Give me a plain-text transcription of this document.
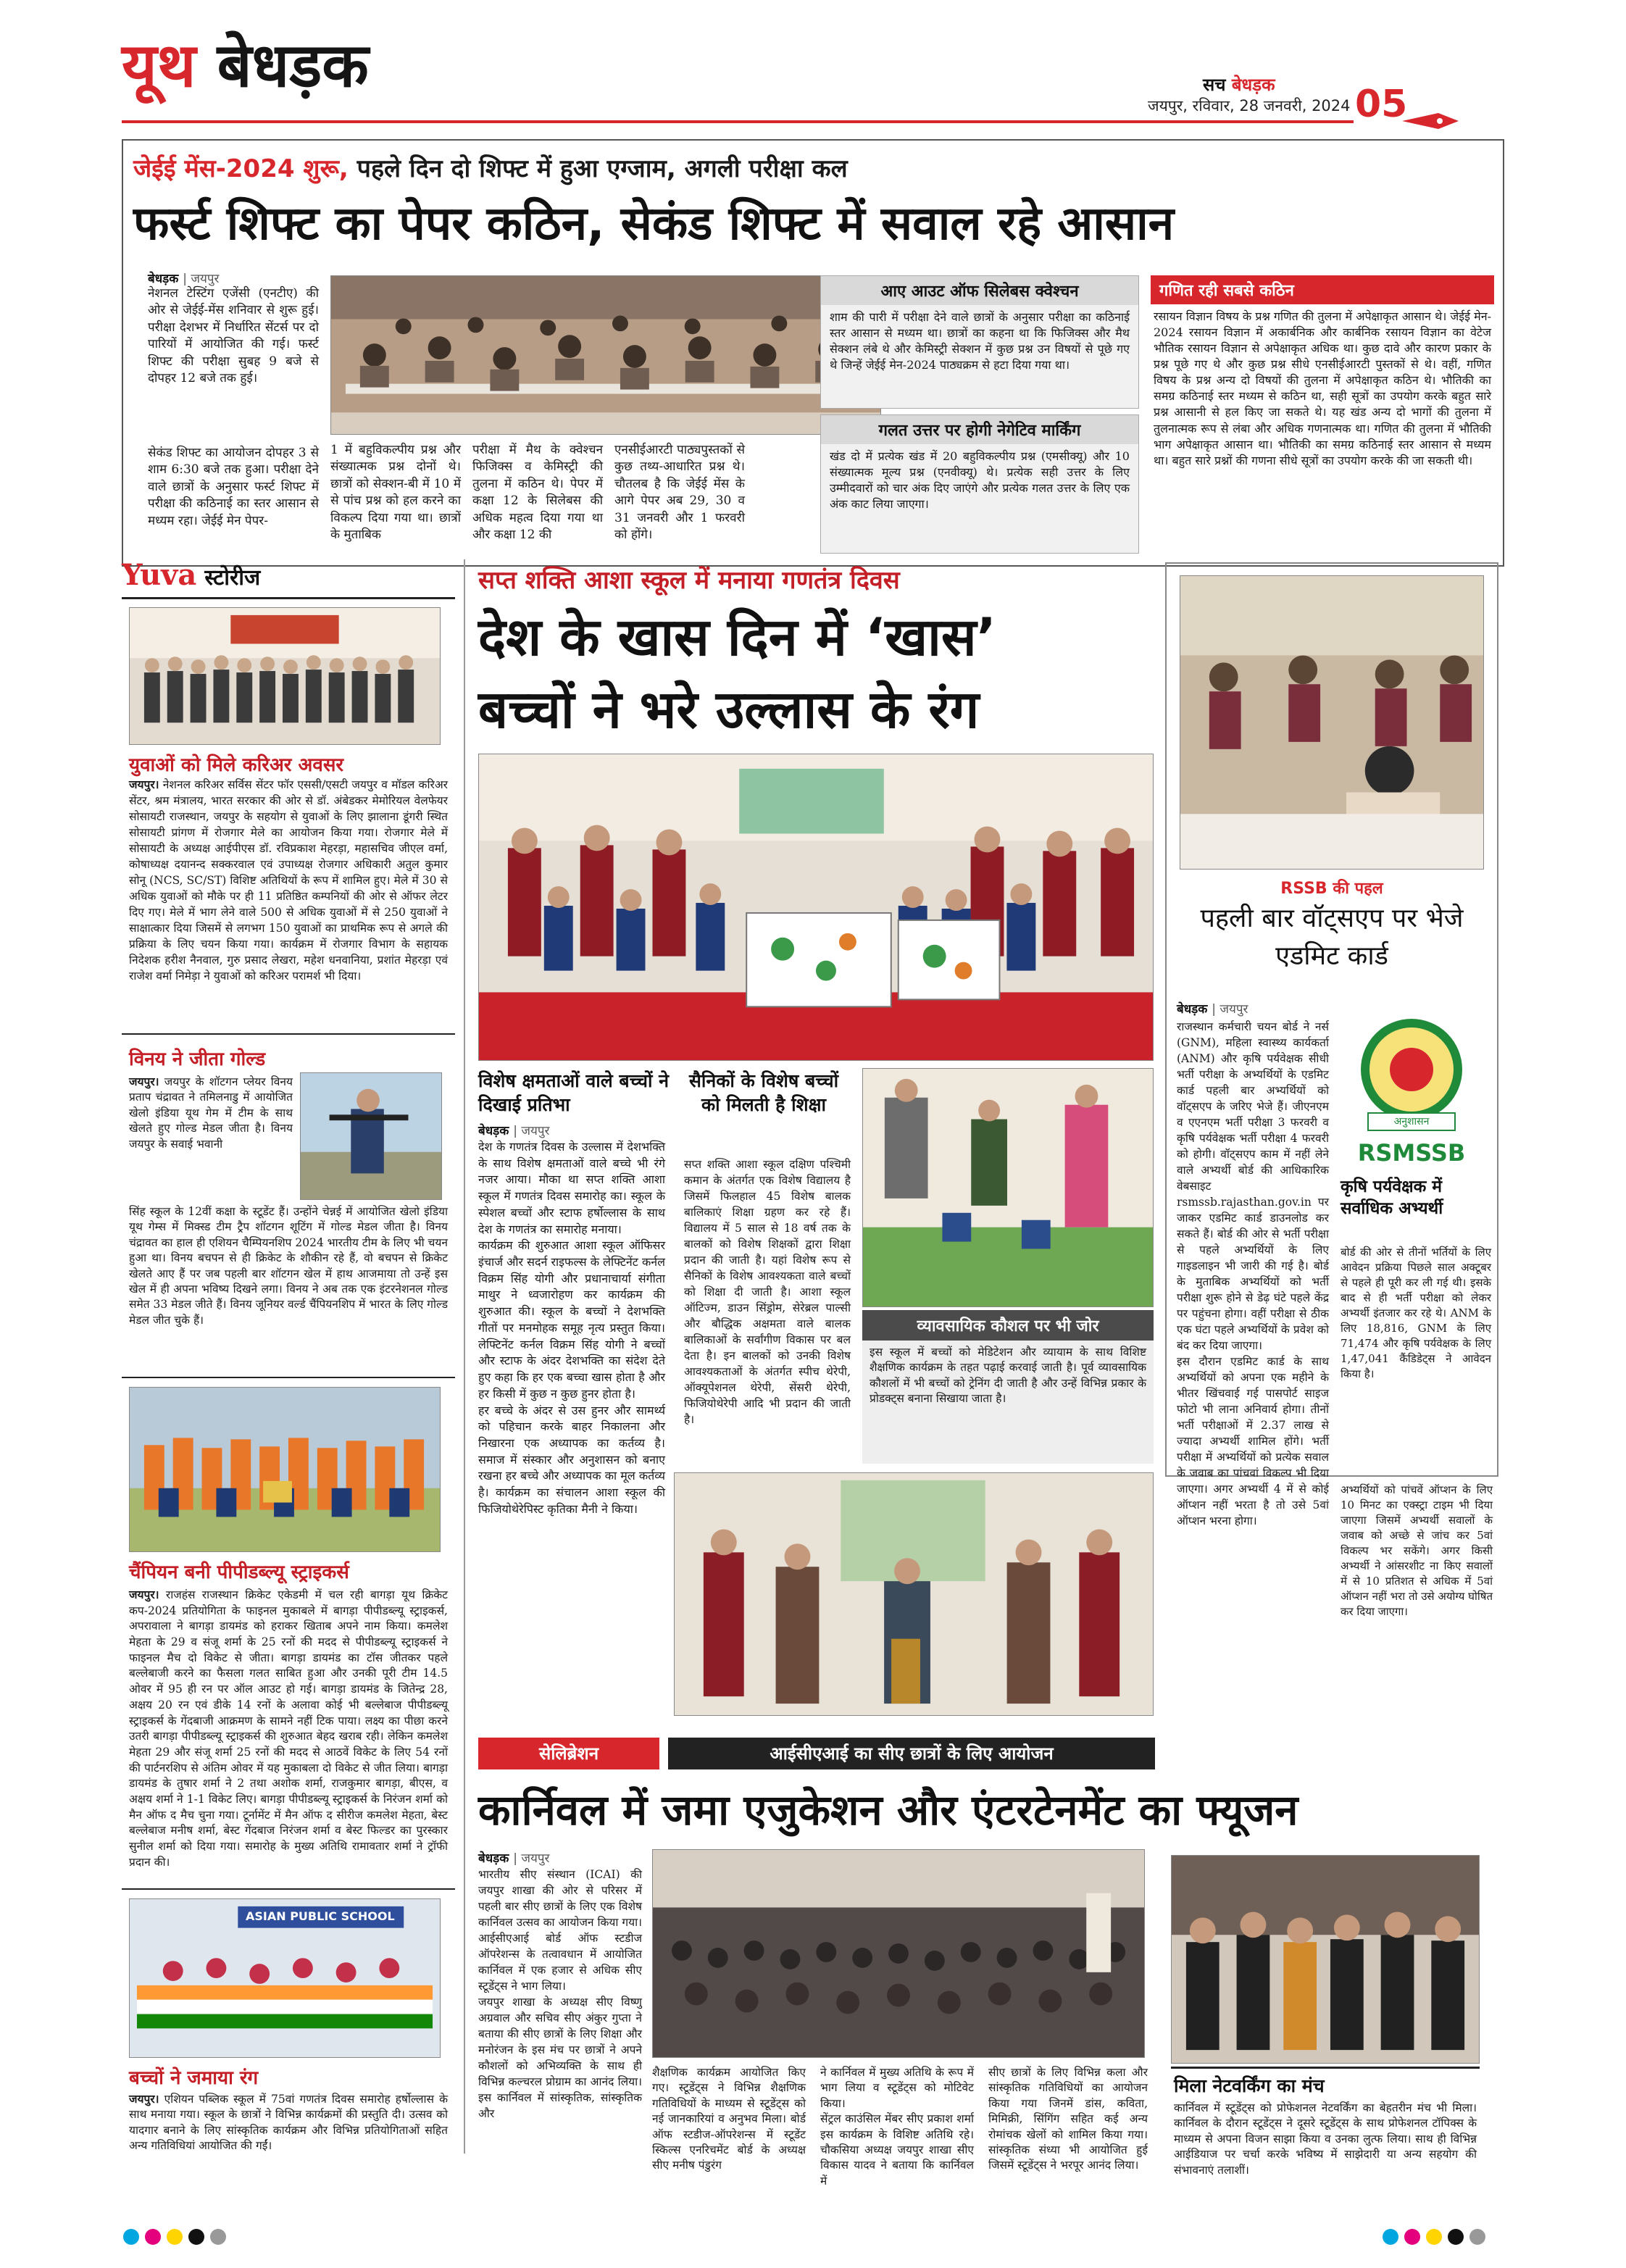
यूथ बेधड़क	सच बेधड़क
जयपुर, रविवार, 28 जनवरी, 2024 05
जेईई मेंस-2024 शुरू, पहले दिन दो शिफ्ट में हुआ एग्जाम, अगली परीक्षा कल
फर्स्ट शिफ्ट का पेपर कठिन, सेकंड शिफ्ट में सवाल रहे आसान
बेधड़क | जयपुर
नेशनल टेस्टिंग एजेंसी (एनटीए) की ओर से जेईई-मेंस शनिवार से शुरू हुई। परीक्षा देशभर में निर्धारित सेंटर्स पर दो पारियों में आयोजित की गई। फर्स्ट शिफ्ट की परीक्षा सुबह 9 बजे से दोपहर 12 बजे तक हुई।
सेकंड शिफ्ट का आयोजन दोपहर 3 से शाम 6:30 बजे तक हुआ। परीक्षा देने वाले छात्रों के अनुसार फर्स्ट शिफ्ट में परीक्षा की कठिनाई का स्तर आसान से मध्यम रहा। जेईई मेन पेपर-
1 में बहुविकल्पीय प्रश्न और संख्यात्मक प्रश्न दोनों थे। छात्रों को सेक्शन-बी में 10 में से पांच प्रश्न को हल करने का विकल्प दिया गया था। छात्रों के मुताबिक
परीक्षा में मैथ के क्वेश्चन फिजिक्स व केमिस्ट्री की तुलना में कठिन थे। पेपर में कक्षा 12 के सिलेबस की अधिक महत्व दिया गया था और कक्षा 12 की
एनसीईआरटी पाठ्यपुस्तकों से कुछ तथ्य-आधारित प्रश्न थे। चौतलब है कि जेईई मेंस के आगे पेपर अब 29, 30 व 31 जनवरी और 1 फरवरी को होंगे।
आए आउट ऑफ सिलेबस क्वेश्चन
शाम की पारी में परीक्षा देने वाले छात्रों के अनुसार परीक्षा का कठिनाई स्तर आसान से मध्यम था। छात्रों का कहना था कि फिजिक्स और मैथ सेक्शन लंबे थे और केमिस्ट्री सेक्शन में कुछ प्रश्न उन विषयों से पूछे गए थे जिन्हें जेईई मेन-2024 पाठ्यक्रम से हटा दिया गया था।
गलत उत्तर पर होगी नेगेटिव मार्किंग
खंड दो में प्रत्येक खंड में 20 बहुविकल्पीय प्रश्न (एमसीक्यू) और 10 संख्यात्मक मूल्य प्रश्न (एनवीक्यू) थे। प्रत्येक सही उत्तर के लिए उम्मीदवारों को चार अंक दिए जाएंगे और प्रत्येक गलत उत्तर के लिए एक अंक काट लिया जाएगा।
गणित रही सबसे कठिन
रसायन विज्ञान विषय के प्रश्न गणित की तुलना में अपेक्षाकृत आसान थे। जेईई मेन- 2024 रसायन विज्ञान में अकार्बनिक और कार्बनिक रसायन विज्ञान का वेटेज भौतिक रसायन विज्ञान से अपेक्षाकृत अधिक था। कुछ दावे और कारण प्रकार के प्रश्न पूछे गए थे और कुछ प्रश्न सीधे एनसीईआरटी पुस्तकों से थे। वहीं, गणित विषय के प्रश्न अन्य दो विषयों की तुलना में अपेक्षाकृत कठिन थे। भौतिकी का समग्र कठिनाई स्तर मध्यम से कठिन था, सही सूत्रों का उपयोग करके बहुत सारे प्रश्न आसानी से हल किए जा सकते थे। यह खंड अन्य दो भागों की तुलना में तुलनात्मक रूप से लंबा और अधिक गणनात्मक था। गणित की तुलना में भौतिकी भाग अपेक्षाकृत आसान था। भौतिकी का समग्र कठिनाई स्तर आसान से मध्यम था। बहुत सारे प्रश्नों की गणना सीधे सूत्रों का उपयोग करके की जा सकती थी।
Yuva स्टोरीज
युवाओं को मिले करिअर अवसर
जयपुर। नेशनल करिअर सर्विस सेंटर फॉर एससी/एसटी जयपुर व मॉडल करिअर सेंटर, श्रम मंत्रालय, भारत सरकार की ओर से डॉ. अंबेडकर मेमोरियल वेलफेयर सोसायटी राजस्थान, जयपुर के सहयोग से युवाओं के लिए झालाना डूंगरी स्थित सोसायटी प्रांगण में रोजगार मेले का आयोजन किया गया। रोजगार मेले में सोसायटी के अध्यक्ष आईपीएस डॉ. रविप्रकाश मेहरड़ा, महासचिव जीएल वर्मा, कोषाध्यक्ष दयानन्द सक्करवाल एवं उपाध्यक्ष रोजगार अधिकारी अतुल कुमार सोनू (NCS, SC/ST) विशिष्ट अतिथियों के रूप में शामिल हुए। मेले में 30 से अधिक युवाओं को मौके पर ही 11 प्रतिष्ठित कम्पनियों की ओर से ऑफर लेटर दिए गए। मेले में भाग लेने वाले 500 से अधिक युवाओं में से 250 युवाओं ने साक्षात्कार दिया जिसमें से लगभग 150 युवाओं का प्राथमिक रूप से अगले की प्रक्रिया के लिए चयन किया गया। कार्यक्रम में रोजगार विभाग के सहायक निदेशक हरीश नैनवाल, गुरु प्रसाद लेखरा, महेश धनवानिया, प्रशांत मेहरड़ा एवं राजेश वर्मा निमेड़ा ने युवाओं को करिअर परामर्श भी दिया।
विनय ने जीता गोल्ड
जयपुर। जयपुर के शॉटगन प्लेयर विनय प्रताप चंद्रावत ने तमिलनाडु में आयोजित खेलो इंडिया यूथ गेम में टीम के साथ खेलते हुए गोल्ड मेडल जीता है। विनय जयपुर के सवाई भवानी
सिंह स्कूल के 12वीं कक्षा के स्टूडेंट हैं। उन्होंने चेन्नई में आयोजित खेलो इंडिया यूथ गेम्स में मिक्स्ड टीम ट्रैप शॉटगन शूटिंग में गोल्ड मेडल जीता है। विनय चंद्रावत का हाल ही एशियन चैम्पियनशिप 2024 भारतीय टीम के लिए भी चयन हुआ था। विनय बचपन से ही क्रिकेट के शौकीन रहे हैं, वो बचपन से क्रिकेट खेलते आए हैं पर जब पहली बार शॉटगन खेल में हाथ आजमाया तो उन्हें इस खेल में ही अपना भविष्य दिखने लगा। विनय ने अब तक एक इंटरनेशनल गोल्ड समेत 33 मेडल जीते हैं। विनय जूनियर वर्ल्ड चैंपियनशिप में भारत के लिए गोल्ड मेडल जीत चुके हैं।
चैंपियन बनी पीपीडब्ल्यू स्ट्राइकर्स
जयपुर। राजहंस राजस्थान क्रिकेट एकेडमी में चल रही बागड़ा यूथ क्रिकेट कप-2024 प्रतियोगिता के फाइनल मुकाबले में बागड़ा पीपीडब्ल्यू स्ट्राइकर्स, अपरावाला ने बागड़ा डायमंड को हराकर खिताब अपने नाम किया। कमलेश मेहता के 29 व संजू शर्मा के 25 रनों की मदद से पीपीडब्ल्यू स्ट्राइकर्स ने फाइनल मैच दो विकेट से जीता। बागड़ा डायमंड का टॉस जीतकर पहले बल्लेबाजी करने का फैसला गलत साबित हुआ और उनकी पूरी टीम 14.5 ओवर में 95 ही रन पर ऑल आउट हो गई। बागड़ा डायमंड के जितेन्द्र 28, अक्षय 20 रन एवं डीके 14 रनों के अलावा कोई भी बल्लेबाज पीपीडब्ल्यू स्ट्राइकर्स के गेंदबाजी आक्रमण के सामने नहीं टिक पाया। लक्ष्य का पीछा करने उतरी बागड़ा पीपीडब्ल्यू स्ट्राइकर्स की शुरुआत बेहद खराब रही। लेकिन कमलेश मेहता 29 और संजू शर्मा 25 रनों की मदद से आठवें विकेट के लिए 54 रनों की पार्टनरशिप से अंतिम ओवर में यह मुकाबला दो विकेट से जीत लिया। बागड़ा डायमंड के तुषार शर्मा ने 2 तथा अशोक शर्मा, राजकुमार बागड़ा, बीएस, व अक्षय शर्मा ने 1-1 विकेट लिए। बागड़ा पीपीडब्ल्यू स्ट्राइकर्स के निरंजन शर्मा को मैन ऑफ द मैच चुना गया। टूर्नामेंट में मैन ऑफ द सीरीज कमलेश मेहता, बेस्ट बल्लेबाज मनीष शर्मा, बेस्ट गेंदबाज निरंजन शर्मा व बेस्ट फिल्डर का पुरस्कार सुनील शर्मा को दिया गया। समारोह के मुख्य अतिथि रामावतार शर्मा ने ट्रॉफी प्रदान की।
ASIAN PUBLIC SCHOOL
बच्चों ने जमाया रंग
जयपुर। एशियन पब्लिक स्कूल में 75वां गणतंत्र दिवस समारोह हर्षोल्लास के साथ मनाया गया। स्कूल के छात्रों ने विभिन्न कार्यक्रमों की प्रस्तुति दी। उत्सव को यादगार बनाने के लिए सांस्कृतिक कार्यक्रम और विभिन्न प्रतियोगिताओं सहित अन्य गतिविधियां आयोजित की गईं।
सप्त शक्ति आशा स्कूल में मनाया गणतंत्र दिवस
देश के खास दिन में ‘खास’
बच्चों ने भरे उल्लास के रंग
विशेष क्षमताओं वाले बच्चों ने दिखाई प्रतिभा
बेधड़क | जयपुर
देश के गणतंत्र दिवस के उल्लास में देशभक्ति के साथ विशेष क्षमताओं वाले बच्चे भी रंगे नजर आया। मौका था सप्त शक्ति आशा स्कूल में गणतंत्र दिवस समारोह का। स्कूल के स्पेशल बच्चों और स्टाफ हर्षोल्लास के साथ देश के गणतंत्र का समारोह मनाया।
कार्यक्रम की शुरुआत आशा स्कूल ऑफिसर इंचार्ज और सदर्न राइफल्स के लेफ्टिनेंट कर्नल विक्रम सिंह योगी और प्रधानाचार्या संगीता माथुर ने ध्वजारोहण कर कार्यक्रम की शुरुआत की। स्कूल के बच्चों ने देशभक्ति गीतों पर मनमोहक समूह नृत्य प्रस्तुत किया। लेफ्टिनेंट कर्नल विक्रम सिंह योगी ने बच्चों और स्टाफ के अंदर देशभक्ति का संदेश देते हुए कहा कि हर एक बच्चा खास होता है और हर किसी में कुछ न कुछ हुनर होता है।
हर बच्चे के अंदर से उस हुनर और सामर्थ्य को पहिचान करके बाहर निकालना और निखारना एक अध्यापक का कर्तव्य है। समाज में संस्कार और अनुशासन को बनाए रखना हर बच्चे और अध्यापक का मूल कर्तव्य है। कार्यक्रम का संचालन आशा स्कूल की फिजियोथेरेपिस्ट कृतिका मैनी ने किया।
सैनिकों के विशेष बच्चों को मिलती है शिक्षा
सप्त शक्ति आशा स्कूल दक्षिण पश्चिमी कमान के अंतर्गत एक विशेष विद्यालय है जिसमें फिलहाल 45 विशेष बालक बालिकाएं शिक्षा ग्रहण कर रहे हैं। विद्यालय में 5 साल से 18 वर्ष तक के बालकों को विशेष शिक्षकों द्वारा शिक्षा प्रदान की जाती है। यहां विशेष रूप से सैनिकों के विशेष आवश्यकता वाले बच्चों को शिक्षा दी जाती है। आशा स्कूल ऑटिज्म, डाउन सिंड्रोम, सेरेब्रल पाल्सी और बौद्धिक अक्षमता वाले बालक बालिकाओं के सर्वांगीण विकास पर बल देता है। इन बालकों को उनकी विशेष आवश्यकताओं के अंतर्गत स्पीच थेरेपी, ऑक्यूपेशनल थेरेपी, सेंसरी थेरेपी, फिजियोथेरेपी आदि भी प्रदान की जाती है।
व्यावसायिक कौशल पर भी जोर
इस स्कूल में बच्चों को मेडिटेशन और व्यायाम के साथ विशिष्ट शैक्षणिक कार्यक्रम के तहत पढ़ाई करवाई जाती है। पूर्व व्यावसायिक कौशलों में भी बच्चों को ट्रेनिंग दी जाती है और उन्हें विभिन्न प्रकार के प्रोडक्ट्स बनाना सिखाया जाता है।
RSSB की पहल
पहली बार वॉट्सएप पर भेजे एडमिट कार्ड
बेधड़क | जयपुर
राजस्थान कर्मचारी चयन बोर्ड ने नर्स (GNM), महिला स्वास्थ्य कार्यकर्ता (ANM) और कृषि पर्यवेक्षक सीधी भर्ती परीक्षा के अभ्यर्थियों के एडमिट कार्ड पहली बार अभ्यर्थियों को वॉट्सएप के जरिए भेजे हैं। जीएनएम व एएनएम भर्ती परीक्षा 3 फरवरी व कृषि पर्यवेक्षक भर्ती परीक्षा 4 फरवरी को होगी। वॉट्सएप काम में नहीं लेने वाले अभ्यर्थी बोर्ड की आधिकारिक वेबसाइट rsmssb.rajasthan.gov.in पर जाकर एडमिट कार्ड डाउनलोड कर सकते हैं। बोर्ड की ओर से भर्ती परीक्षा से पहले अभ्यर्थियों के लिए गाइडलाइन भी जारी की गई है। बोर्ड के मुताबिक अभ्यर्थियों को भर्ती परीक्षा शुरू होने से डेढ़ घंटे पहले केंद्र पर पहुंचना होगा। वहीं परीक्षा से ठीक एक घंटा पहले अभ्यर्थियों के प्रवेश को बंद कर दिया जाएगा।
इस दौरान एडमिट कार्ड के साथ अभ्यर्थियों को अपना एक महीने के भीतर खिंचवाई गई पासपोर्ट साइज फोटो भी लाना अनिवार्य होगा। तीनों भर्ती परीक्षाओं में 2.37 लाख से ज्यादा अभ्यर्थी शामिल होंगे। भर्ती परीक्षा में अभ्यर्थियों को प्रत्येक सवाल के जवाब का पांचवां विकल्प भी दिया जाएगा। अगर अभ्यर्थी 4 में से कोई ऑप्शन नहीं भरता है तो उसे 5वां ऑप्शन भरना होगा।
अनुशासन
RSMSSB
कृषि पर्यवेक्षक में सर्वाधिक अभ्यर्थी
बोर्ड की ओर से तीनों भर्तियों के लिए आवेदन प्रक्रिया पिछले साल अक्टूबर से पहले ही पूरी कर ली गई थी। इसके बाद से ही भर्ती परीक्षा को लेकर अभ्यर्थी इंतजार कर रहे थे। ANM के लिए 18,816, GNM के लिए 71,474 और कृषि पर्यवेक्षक के लिए 1,47,041 कैंडिडेट्स ने आवेदन किया है।
अभ्यर्थियों को पांचवें ऑप्शन के लिए 10 मिनट का एक्स्ट्रा टाइम भी दिया जाएगा जिसमें अभ्यर्थी सवालों के जवाब को अच्छे से जांच कर 5वां विकल्प भर सकेंगे। अगर किसी अभ्यर्थी ने आंसरशीट ना किए सवालों में से 10 प्रतिशत से अधिक में 5वां ऑप्शन नहीं भरा तो उसे अयोग्य घोषित कर दिया जाएगा।
सेलिब्रेशन	आईसीएआई का सीए छात्रों के लिए आयोजन
कार्निवल में जमा एजुकेशन और एंटरटेनमेंट का फ्यूजन
बेधड़क | जयपुर
भारतीय सीए संस्थान (ICAI) की जयपुर शाखा की ओर से परिसर में पहली बार सीए छात्रों के लिए एक विशेष कार्निवल उत्सव का आयोजन किया गया। आईसीएआई बोर्ड ऑफ स्टडीज ऑपरेशन्स के तत्वावधान में आयोजित कार्निवल में एक हजार से अधिक सीए स्टूडेंट्स ने भाग लिया।
जयपुर शाखा के अध्यक्ष सीए विष्णु अग्रवाल और सचिव सीए अंकुर गुप्ता ने बताया की सीए छात्रों के लिए शिक्षा और मनोरंजन के इस मंच पर छात्रों ने अपने कौशलों को अभिव्यक्ति के साथ ही विभिन्न कल्चरल प्रोग्राम का आनंद लिया। इस कार्निवल में सांस्कृतिक, सांस्कृतिक और
शैक्षणिक कार्यक्रम आयोजित किए गए। स्टूडेंट्स ने विभिन्न शैक्षणिक गतिविधियों के माध्यम से स्टूडेंट्स को नई जानकारियां व अनुभव मिला। बोर्ड ऑफ स्टडीज-ऑपरेशन्स में स्टूडेंट स्किल्स एनरिचमेंट बोर्ड के अध्यक्ष सीए मनीष पंडुरंग
ने कार्निवल में मुख्य अतिथि के रूप में भाग लिया व स्टूडेंट्स को मोटिवेट किया।
सेंट्रल काउंसिल मेंबर सीए प्रकाश शर्मा इस कार्यक्रम के विशिष्ट अतिथि रहे। चौकसिया अध्यक्ष जयपुर शाखा सीए विकास यादव ने बताया कि कार्निवल में
सीए छात्रों के लिए विभिन्न कला और सांस्कृतिक गतिविधियों का आयोजन किया गया जिनमें डांस, कविता, मिमिक्री, सिंगिंग सहित कई अन्य रोमांचक खेलों को शामिल किया गया। सांस्कृतिक संध्या भी आयोजित हुई जिसमें स्टूडेंट्स ने भरपूर आनंद लिया।
मिला नेटवर्किंग का मंच
कार्निवल में स्टूडेंट्स को प्रोफेशनल नेटवर्किंग का बेहतरीन मंच भी मिला। कार्निवल के दौरान स्टूडेंट्स ने दूसरे स्टूडेंट्स के साथ प्रोफेशनल टॉपिक्स के माध्यम से अपना विजन साझा किया व उनका लुत्फ लिया। साथ ही विभिन्न आईडियाज पर चर्चा करके भविष्य में साझेदारी या अन्य सहयोग की संभावनाएं तलाशीं।
